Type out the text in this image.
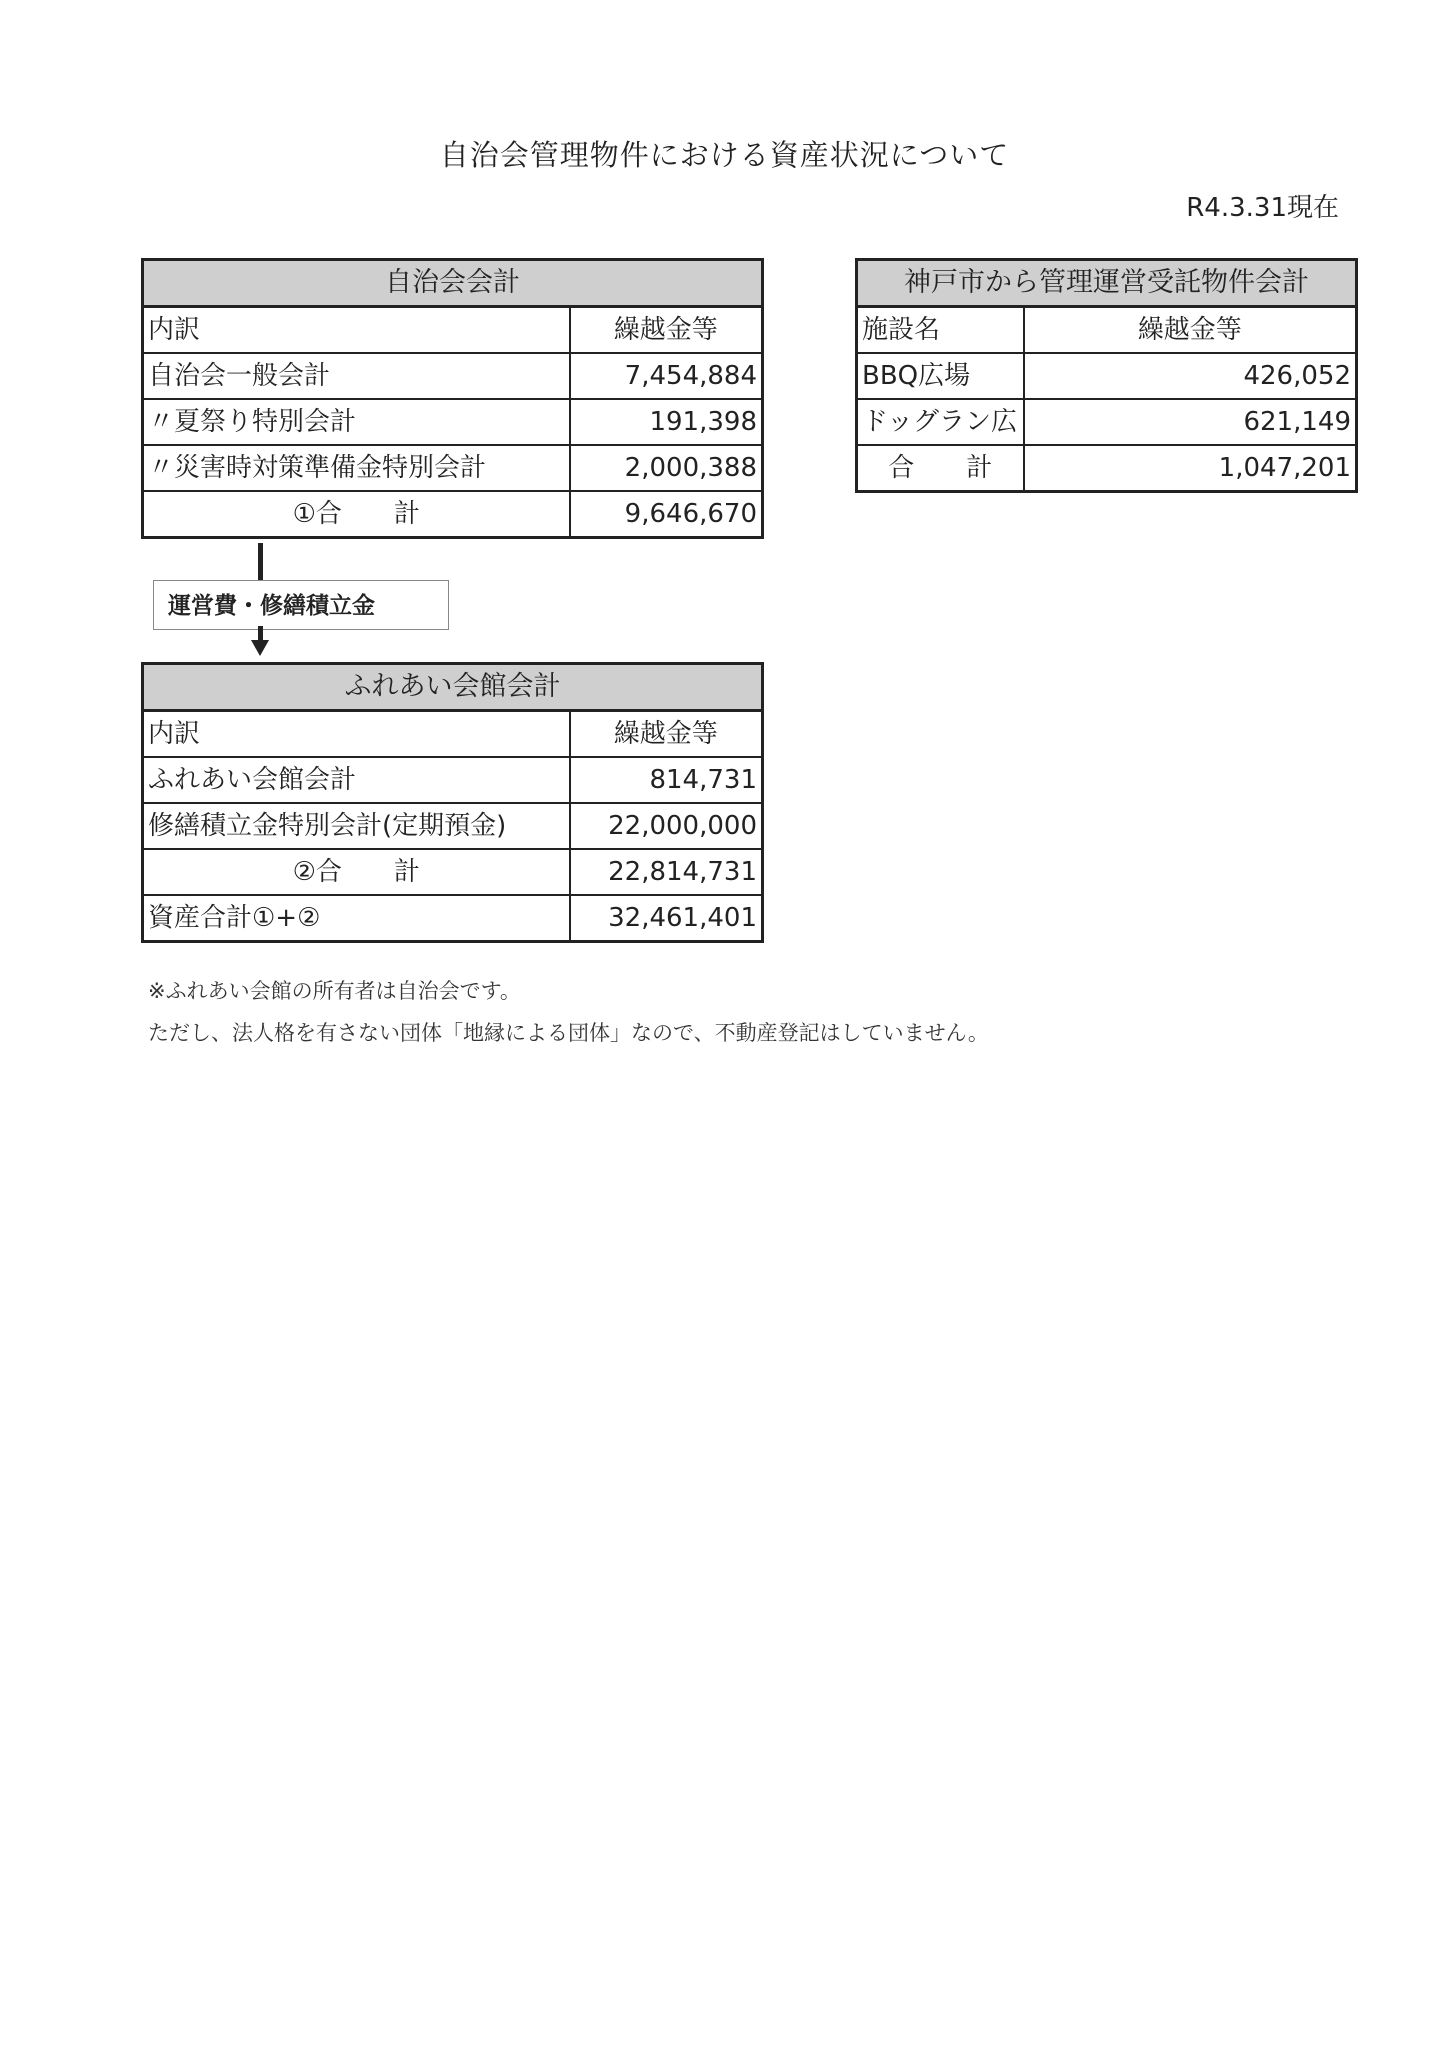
自治会管理物件における資産状況について
R4.3.31現在
自治会会計	
内訳	繰越金等
自治会一般会計	7,454,884
〃夏祭り特別会計	191,398
〃災害時対策準備金特別会計	2,000,388
①合　　計	9,646,670
運営費・修繕積立金
ふれあい会館会計	
内訳	繰越金等
ふれあい会館会計	814,731
修繕積立金特別会計(定期預金)	22,000,000
②合　　計	22,814,731
資産合計①+②	32,461,401
神戸市から管理運営受託物件会計	
施設名	繰越金等
BBQ広場	426,052
ドッグラン広	621,149
合　　計	1,047,201
※ふれあい会館の所有者は自治会です。
ただし、法人格を有さない団体「地縁による団体」なので、不動産登記はしていません。
